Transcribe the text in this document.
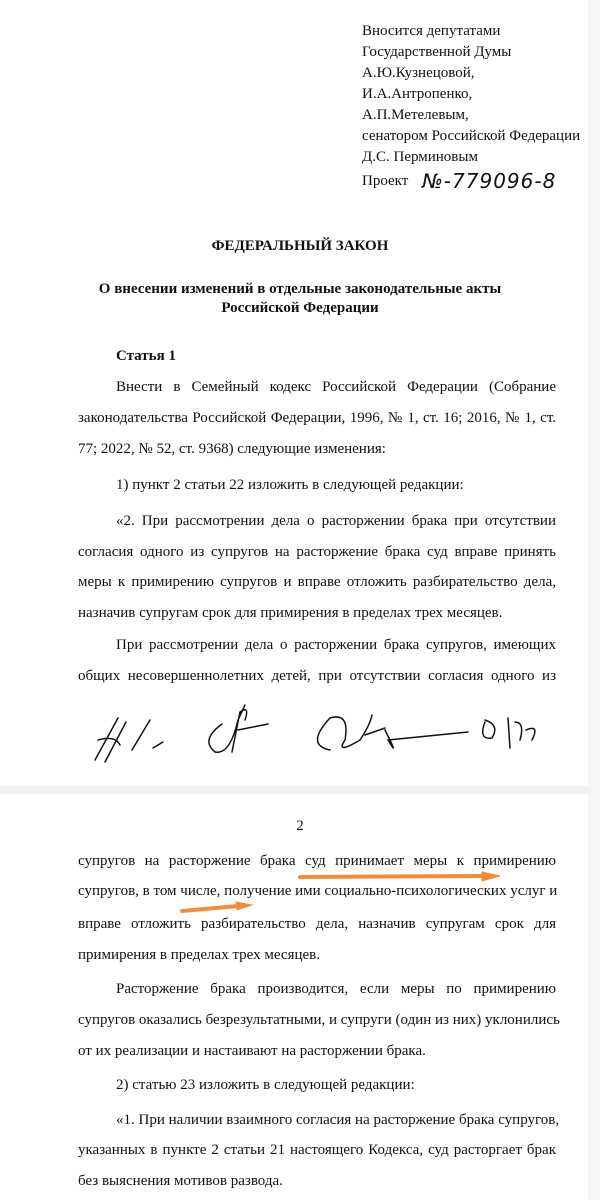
Вносится депутатами
Государственной Думы
А.Ю.Кузнецовой,
И.А.Антропенко,
А.П.Метелевым,
сенатором Российской Федерации
Д.С. Перминовым
Проект №-779096-8
ФЕДЕРАЛЬНЫЙ ЗАКОН
О внесении изменений в отдельные законодательные акты
Российской Федерации
Статья 1
Внести в Семейный кодекс Российской Федерации (Собрание
законодательства Российской Федерации, 1996, № 1, ст. 16; 2016, № 1, ст.
77; 2022, № 52, ст. 9368) следующие изменения:
1) пункт 2 статьи 22 изложить в следующей редакции:
«2. При рассмотрении дела о расторжении брака при отсутствии
согласия одного из супругов на расторжение брака суд вправе принять
меры к примирению супругов и вправе отложить разбирательство дела,
назначив супругам срок для примирения в пределах трех месяцев.
При рассмотрении дела о расторжении брака супругов, имеющих
общих несовершеннолетних детей, при отсутствии согласия одного из
2
супругов на расторжение брака суд принимает меры к примирению
супругов, в том числе, получение ими социально-психологических услуг и
вправе отложить разбирательство дела, назначив супругам срок для
примирения в пределах трех месяцев.
Расторжение брака производится, если меры по примирению
супругов оказались безрезультатными, и супруги (один из них) уклонились
от их реализации и настаивают на расторжении брака.
2) статью 23 изложить в следующей редакции:
«1. При наличии взаимного согласия на расторжение брака супругов,
указанных в пункте 2 статьи 21 настоящего Кодекса, суд расторгает брак
без выяснения мотивов развода.
